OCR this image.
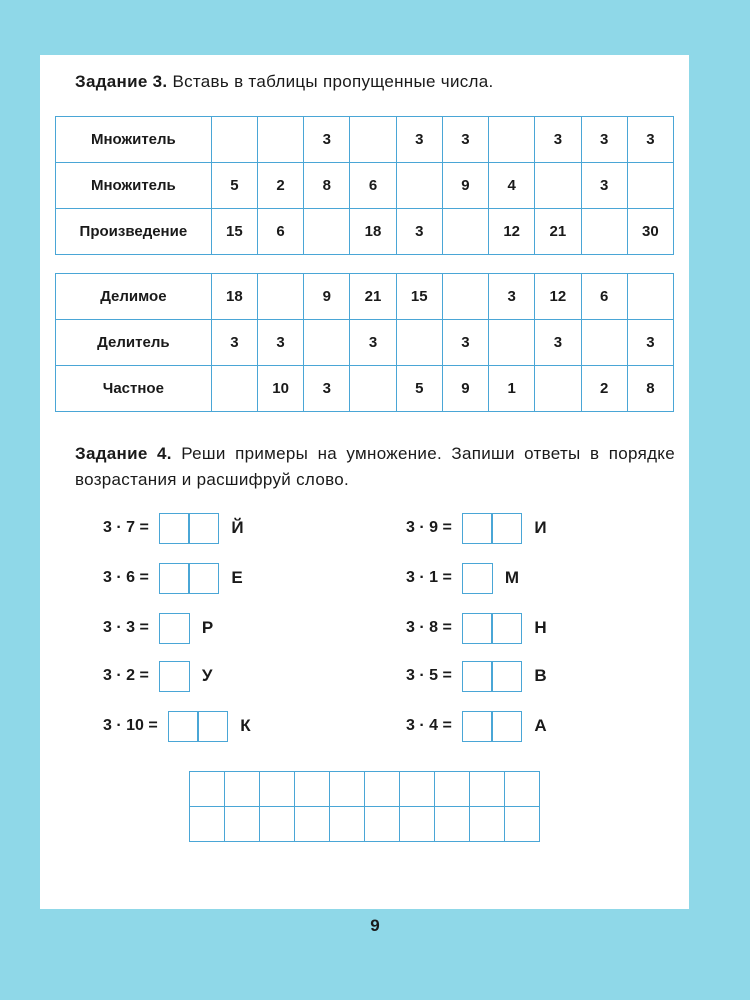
Задание 3. Вставь в таблицы пропущенные числа.
Множитель			3		3	3		3	3	3
Множитель	5	2	8	6		9	4		3	
Произведение	15	6		18	3		12	21		30
Делимое	18		9	21	15		3	12	6	
Делитель	3	3		3		3		3		3
Частное		10	3		5	9	1		2	8
Задание 4. Реши примеры на умножение. Запиши ответы в порядке возрастания и расшифруй слово.
3 · 7 =	Й
3 · 6 =	Е
3 · 3 =	Р
3 · 2 =	У
3 · 10 =	К
3 · 9 =	И
3 · 1 =	М
3 · 8 =	Н
3 · 5 =	В
3 · 4 =	А
9
